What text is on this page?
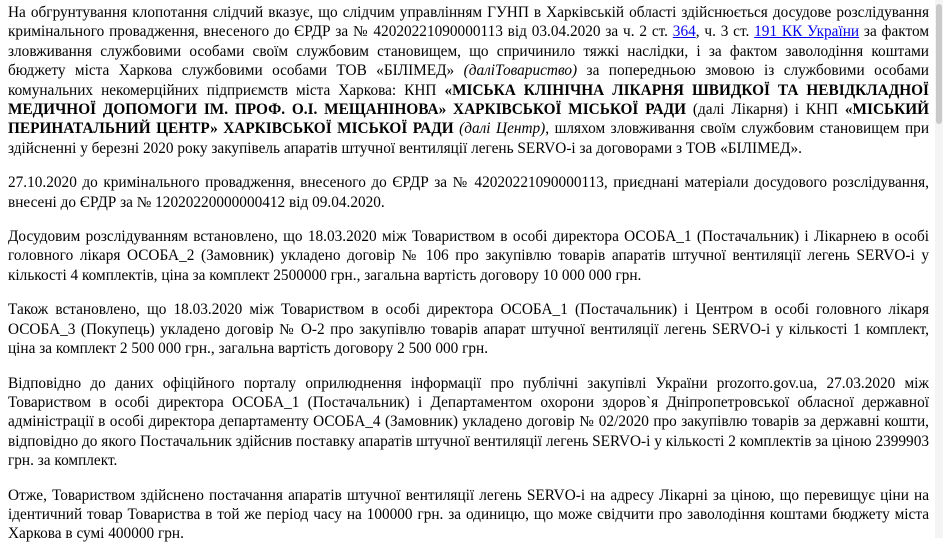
На обгрунтування клопотання слідчий вказує, що слідчим управлінням ГУНП в Харківській області здійснюється досудове розслідування кримінального провадження, внесеного до ЄРДР за № 42020221090000113 від 03.04.2020 за ч. 2 ст. 364, ч. 3 ст. 191 КК України за фактом зловживання службовими особами своїм службовим становищем, що спричинило тяжкі наслідки, і за фактом заволодіння коштами бюджету міста Харкова службовими особами ТОВ «БІЛІМЕД» (даліТовариство) за попередньою змовою із службовими особами комунальних некомерційних підприємств міста Харкова: КНП «МІСЬКА КЛІНІЧНА ЛІКАРНЯ ШВИДКОЇ ТА НЕВІДКЛАДНОЇ МЕДИЧНОЇ ДОПОМОГИ ІМ. ПРОФ. О.І. МЕЩАНІНОВА» ХАРКІВСЬКОЇ МІСЬКОЇ РАДИ (далі Лікарня) і КНП «МІСЬКИЙ ПЕРИНАТАЛЬНИЙ ЦЕНТР» ХАРКІВСЬКОЇ МІСЬКОЇ РАДИ (далі Центр), шляхом зловживання своїм службовим становищем при здійсненні у березні 2020 року закупівель апаратів штучної вентиляції легень SERVO-і за договорами з ТОВ «БІЛІМЕД».

27.10.2020 до кримінального провадження, внесеного до ЄРДР за № 42020221090000113, приєднані матеріали досудового розслідування, внесені до ЄРДР за № 12020220000000412 від 09.04.2020.

Досудовим розслідуванням встановлено, що 18.03.2020 між Товариством в особі директора ОСОБА_1 (Постачальник) і Лікарнею в особі головного лікаря ОСОБА_2 (Замовник) укладено договір № 106 про закупівлю товарів апаратів штучної вентиляції легень SERVO-і у кількості 4 комплектів, ціна за комплект 2500000 грн., загальна вартість договору 10 000 000 грн.

Також встановлено, що 18.03.2020 між Товариством в особі директора ОСОБА_1 (Постачальник) і Центром в особі головного лікаря ОСОБА_3 (Покупець) укладено договір № О-2 про закупівлю товарів апарат штучної вентиляції легень SERVO-і у кількості 1 комплект, ціна за комплект 2 500 000 грн., загальна вартість договору 2 500 000 грн.

Відповідно до даних офіційного порталу оприлюднення інформації про публічні закупівлі України prozorro.gov.ua, 27.03.2020 між Товариством в особі директора ОСОБА_1 (Постачальник) і Департаментом охорони здоров`я Дніпропетровської обласної державної адміністрації в особі директора департаменту ОСОБА_4 (Замовник) укладено договір № 02/2020 про закупівлю товарів за державні кошти, відповідно до якого Постачальник здійснив поставку апаратів штучної вентиляції легень SERVO-і у кількості 2 комплектів за ціною 2399903 грн. за комплект.

Отже, Товариством здійснено постачання апаратів штучної вентиляції легень SERVO-і на адресу Лікарні за ціною, що перевищує ціни на ідентичний товар Товариства в той же період часу на 100000 грн. за одиницю, що може свідчити про заволодіння коштами бюджету міста Харкова в сумі 400000 грн.
